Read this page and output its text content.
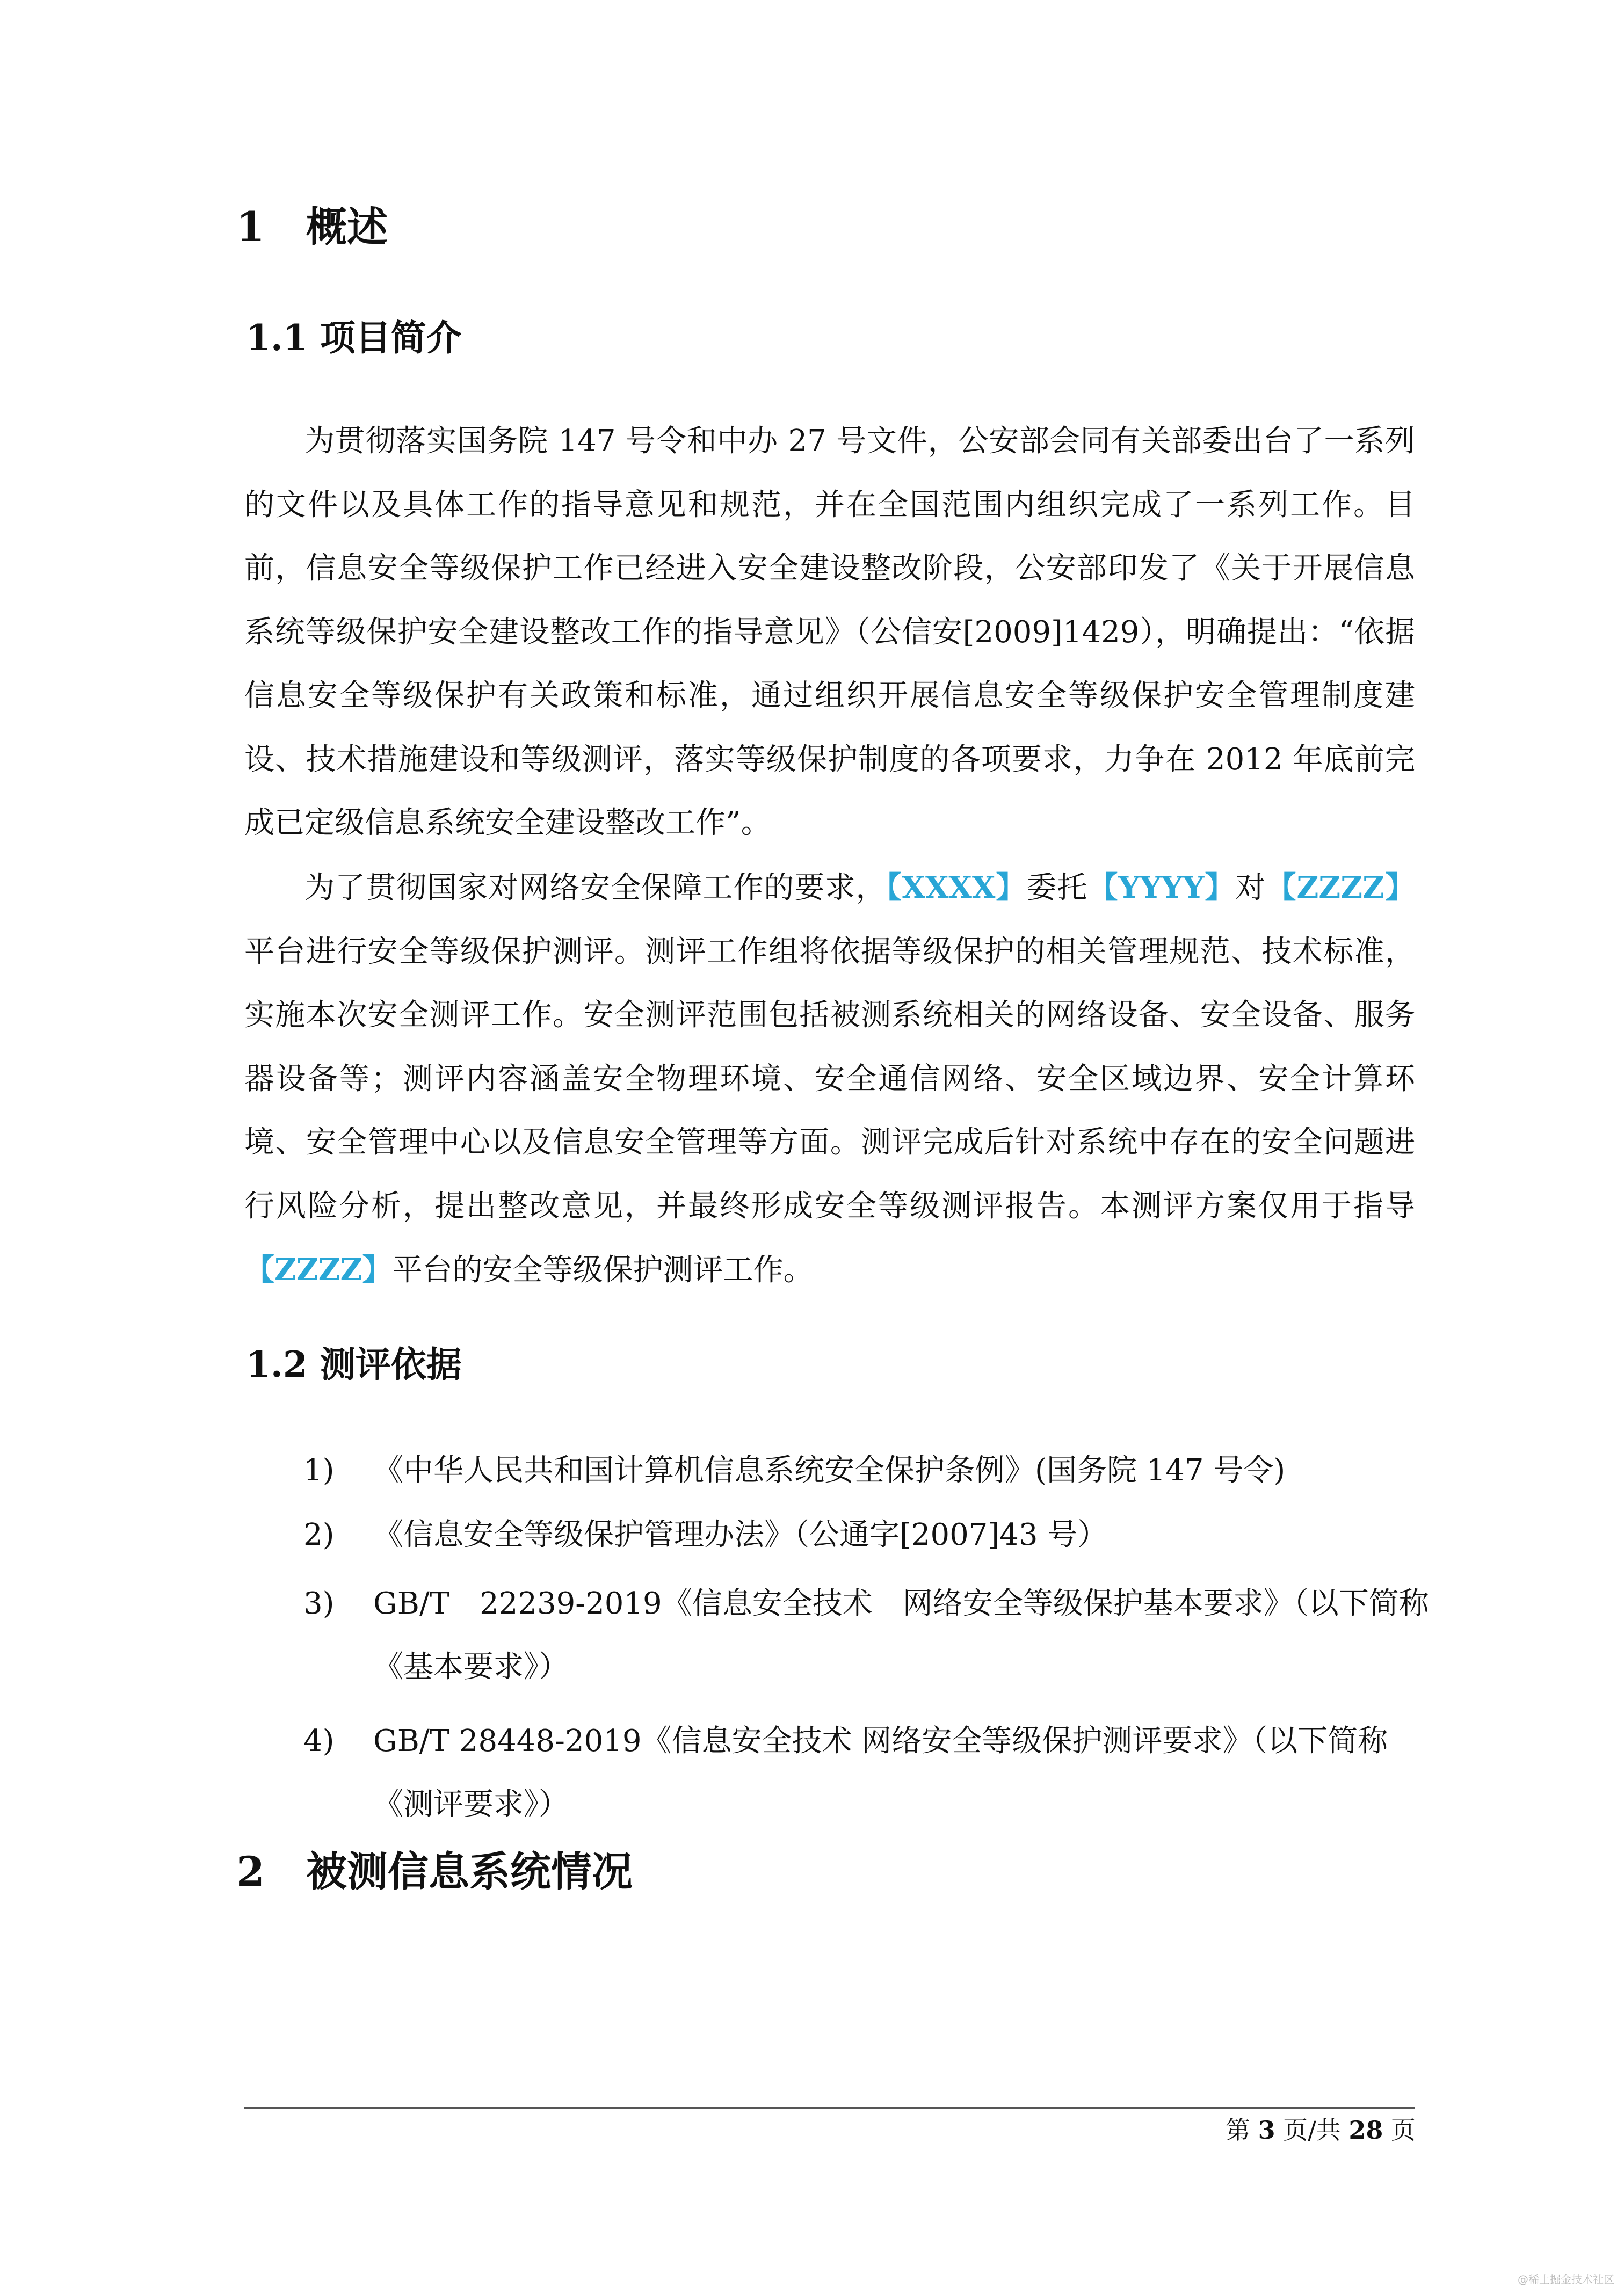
1 概述
1.1 项目简介

为贯彻落实国务院 147 号令和中办 27 号文件，公安部会同有关部委出台了一系列的文件以及具体工作的指导意见和规范，并在全国范围内组织完成了一系列工作。目前，信息安全等级保护工作已经进入安全建设整改阶段，公安部印发了《关于开展信息系统等级保护安全建设整改工作的指导意见》（公信安[2009]1429），明确提出：“依据信息安全等级保护有关政策和标准，通过组织开展信息安全等级保护安全管理制度建设、技术措施建设和等级测评，落实等级保护制度的各项要求，力争在 2012 年底前完成已定级信息系统安全建设整改工作”。

为了贯彻国家对网络安全保障工作的要求，【XXXX】委托【YYYY】对【ZZZZ】平台进行安全等级保护测评。测评工作组将依据等级保护的相关管理规范、技术标准，实施本次安全测评工作。安全测评范围包括被测系统相关的网络设备、安全设备、服务器设备等；测评内容涵盖安全物理环境、安全通信网络、安全区域边界、安全计算环境、安全管理中心以及信息安全管理等方面。测评完成后针对系统中存在的安全问题进行风险分析，提出整改意见，并最终形成安全等级测评报告。本测评方案仅用于指导【ZZZZ】平台的安全等级保护测评工作。

1.2 测评依据
1) 《中华人民共和国计算机信息系统安全保护条例》(国务院 147 号令)
2) 《信息安全等级保护管理办法》（公通字[2007]43 号）
3) GB/T　22239-2019《信息安全技术　网络安全等级保护基本要求》（以下简称《基本要求》）
4) GB/T 28448-2019《信息安全技术 网络安全等级保护测评要求》（以下简称《测评要求》）
2 被测信息系统情况
第 3 页/共 28 页
@稀土掘金技术社区
